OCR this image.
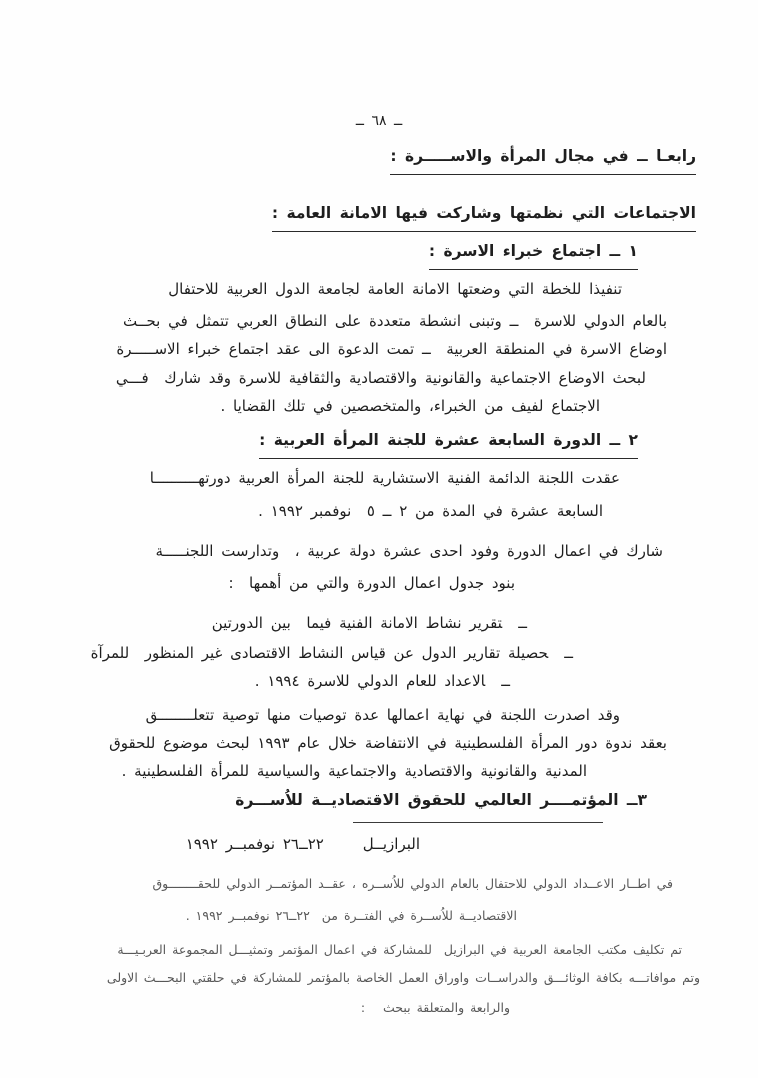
ــ ٦٨ ــ
رابعـا ــ في مجال المرأة والاســـــرة :
الاجتماعات التي نظمتها وشاركت فيها الامانة العامة :
١ ــ اجتماع خبراء الاسرة :
تنفيذا للخطة التي وضعتها الامانة العامة لجامعة الدول العربية للاحتفال
بالعام الدولي للاسرة  ــ وتبنى انشطة متعددة على النطاق العربي تتمثل في بحــث
اوضاع الاسرة في المنطقة العربية  ــ تمت الدعوة الى عقد اجتماع خبراء الاســـــرة
لبحث الاوضاع الاجتماعية والقانونية والاقتصادية والثقافية للاسرة وقد شارك  فـــي
الاجتماع لفيف من الخبراء، والمتخصصين في تلك القضايا .
٢ ــ الدورة السابعة عشرة للجنة المرأة العربية :
عقدت اللجنة الدائمة الفنية الاستشارية للجنة المرأة العربية دورتهــــــــــا
السابعة عشرة في المدة من ٢ ــ ٥  نوفمبر ١٩٩٢ .
شارك في اعمال الدورة وفود احدى عشرة دولة عربية ،  وتدارست اللجنـــــة
بنود جدول اعمال الدورة والتي من أهمها  :
ــتقرير نشاط الامانة الفنية فيما  بين الدورتين
ــحصيلة تقارير الدول عن قياس النشاط الاقتصادى غير المنظور  للمرآة
ــالاعداد للعام الدولي للاسرة ١٩٩٤ .
وقد اصدرت اللجنة في نهاية اعمالها عدة توصيات منها توصية تتعلــــــــق
بعقد ندوة دور المرأة الفلسطينية في الانتفاضة خلال عام ١٩٩٣ لبحث موضوع للحقوق
المدنية والقانونية والاقتصادية والاجتماعية والسياسية للمرأة الفلسطينية .
٣ــ المؤتمــــر العالمي للحقوق الاقتصاديــة للاُســـرة
البرازيــل     ٢٢ــ٢٦ نوفمبــر ١٩٩٢
في اطــار الاعــداد الدولي للاحتفال بالعام الدولي للاُســره ، عقــد المؤتمــر الدولي للحقــــــــوق
الاقتصاديــة للاُســرة في الفتــرة من  ٢٢ــ٢٦ نوفمبــر ١٩٩٢ .
تم تكليف مكتب الجامعة العربية في البرازيل  للمشاركة في اعمال المؤتمر وتمثيـــل المجموعة العربـيـــة
وتم موافاتـــه بكافة الوثائـــق والدراســات واوراق العمل الخاصة بالمؤتمر للمشاركة في حلقتي البحـــث الاولى
والرابعة والمتعلقة ببحث   :
